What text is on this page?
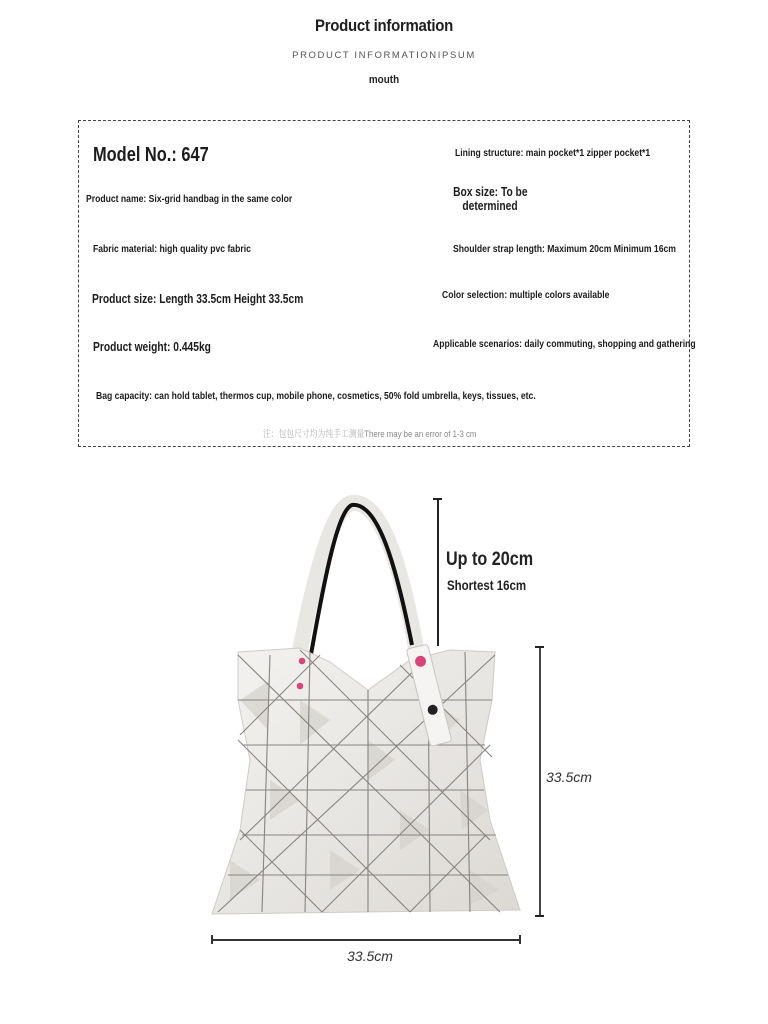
Product information
PRODUCT INFORMATIONIPSUM
mouth
Model No.: 647
Product name: Six-grid handbag in the same color
Fabric material: high quality pvc fabric
Product size: Length 33.5cm Height 33.5cm
Product weight: 0.445kg
Bag capacity: can hold tablet, thermos cup, mobile phone, cosmetics, 50% fold umbrella, keys, tissues, etc.
Lining structure: main pocket*1 zipper pocket*1
Box size: To be
determined
Shoulder strap length: Maximum 20cm Minimum 16cm
Color selection: multiple colors available
Applicable scenarios: daily commuting, shopping and gathering
注：包包尺寸均为纯手工测量There may be an error of 1-3 cm
Up to 20cm
Shortest 16cm
33.5cm
33.5cm
